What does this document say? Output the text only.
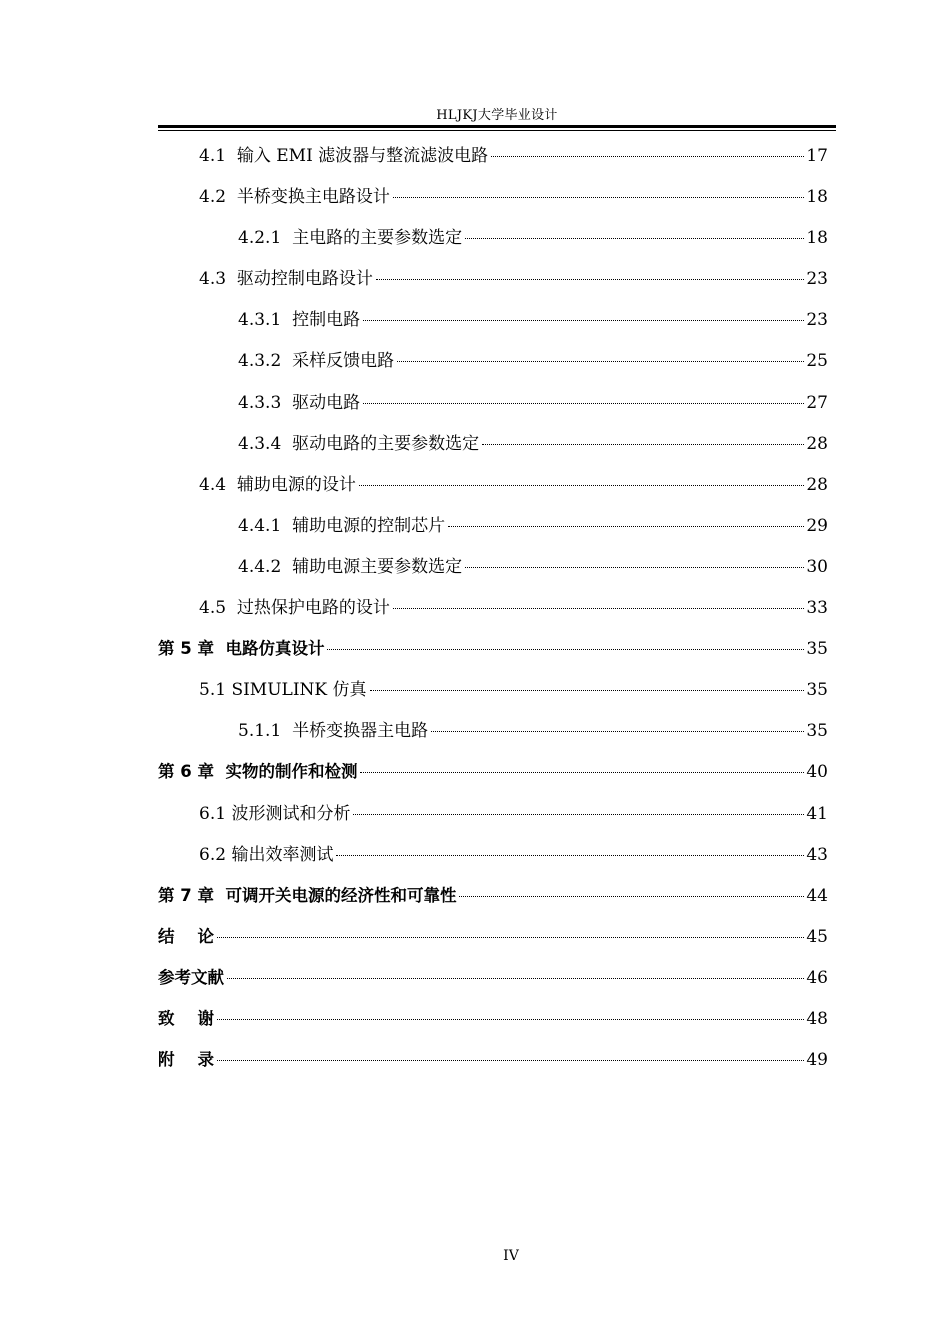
HLJKJ大学毕业设计
4.1  输入 EMI 滤波器与整流滤波电路	17
4.2  半桥变换主电路设计	18
4.2.1  主电路的主要参数选定	18
4.3  驱动控制电路设计	23
4.3.1  控制电路	23
4.3.2  采样反馈电路	25
4.3.3  驱动电路	27
4.3.4  驱动电路的主要参数选定	28
4.4  辅助电源的设计	28
4.4.1  辅助电源的控制芯片	29
4.4.2  辅助电源主要参数选定	30
4.5  过热保护电路的设计	33
第 5 章  电路仿真设计	35
5.1 SIMULINK 仿真	35
5.1.1  半桥变换器主电路	35
第 6 章  实物的制作和检测	40
6.1 波形测试和分析	41
6.2 输出效率测试	43
第 7 章  可调开关电源的经济性和可靠性	44
结    论	45
参考文献	46
致    谢	48
附    录	49
IV
